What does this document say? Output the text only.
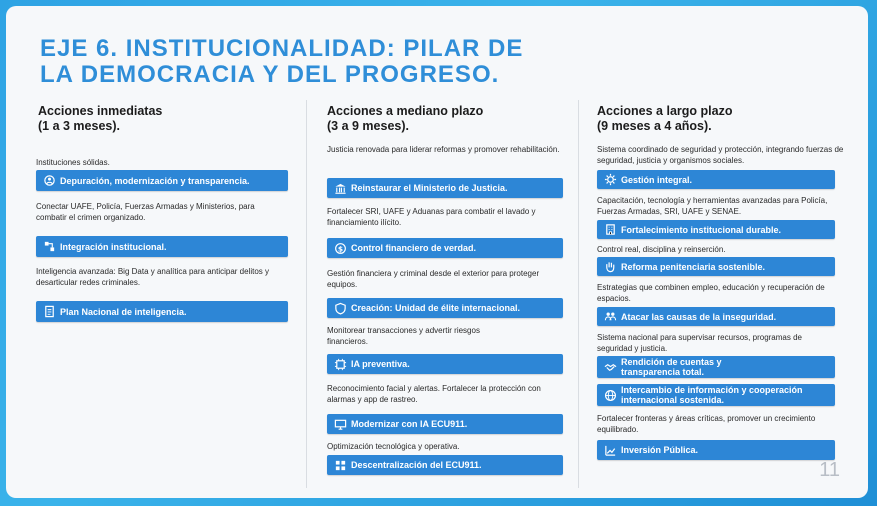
EJE 6. INSTITUCIONALIDAD: PILAR DE
LA DEMOCRACIA Y DEL PROGRESO.
Acciones inmediatas
(1 a 3 meses).
Instituciones sólidas.
Depuración, modernización y transparencia.
Conectar UAFE, Policía, Fuerzas Armadas y Ministerios, para combatir el crimen organizado.
Integración institucional.
Inteligencia avanzada: Big Data y analítica para anticipar delitos y desarticular redes criminales.
Plan Nacional de inteligencia.
Acciones a mediano plazo
(3 a 9 meses).
Justicia renovada para liderar reformas y promover rehabilitación.
Reinstaurar el Ministerio de Justicia.
Fortalecer SRI, UAFE y Aduanas para combatir el lavado y financiamiento ilícito.
$ Control financiero de verdad.
Gestión financiera y criminal desde el exterior para proteger equipos.
Creación: Unidad de élite internacional.
Monitorear transacciones y advertir riesgos financieros.
IA preventiva.
Reconocimiento facial y alertas. Fortalecer la protección con alarmas y app de rastreo.
Modernizar con IA ECU911.
Optimización tecnológica y operativa.
Descentralización del ECU911.
Acciones a largo plazo
(9 meses a 4 años).
Sistema coordinado de seguridad y protección, integrando fuerzas de seguridad, justicia y organismos sociales.
Gestión integral.
Capacitación, tecnología y herramientas avanzadas para Policía, Fuerzas Armadas, SRI, UAFE y SENAE.
Fortalecimiento institucional durable.
Control real, disciplina y reinserción.
Reforma penitenciaria sostenible.
Estrategias que combinen empleo, educación y recuperación de espacios.
Atacar las causas de la inseguridad.
Sistema nacional para supervisar recursos, programas de seguridad y justicia.
Rendición de cuentas y transparencia total.
Intercambio de información y cooperación internacional sostenida.
Fortalecer fronteras y áreas críticas, promover un crecimiento equilibrado.
Inversión Pública.
11
